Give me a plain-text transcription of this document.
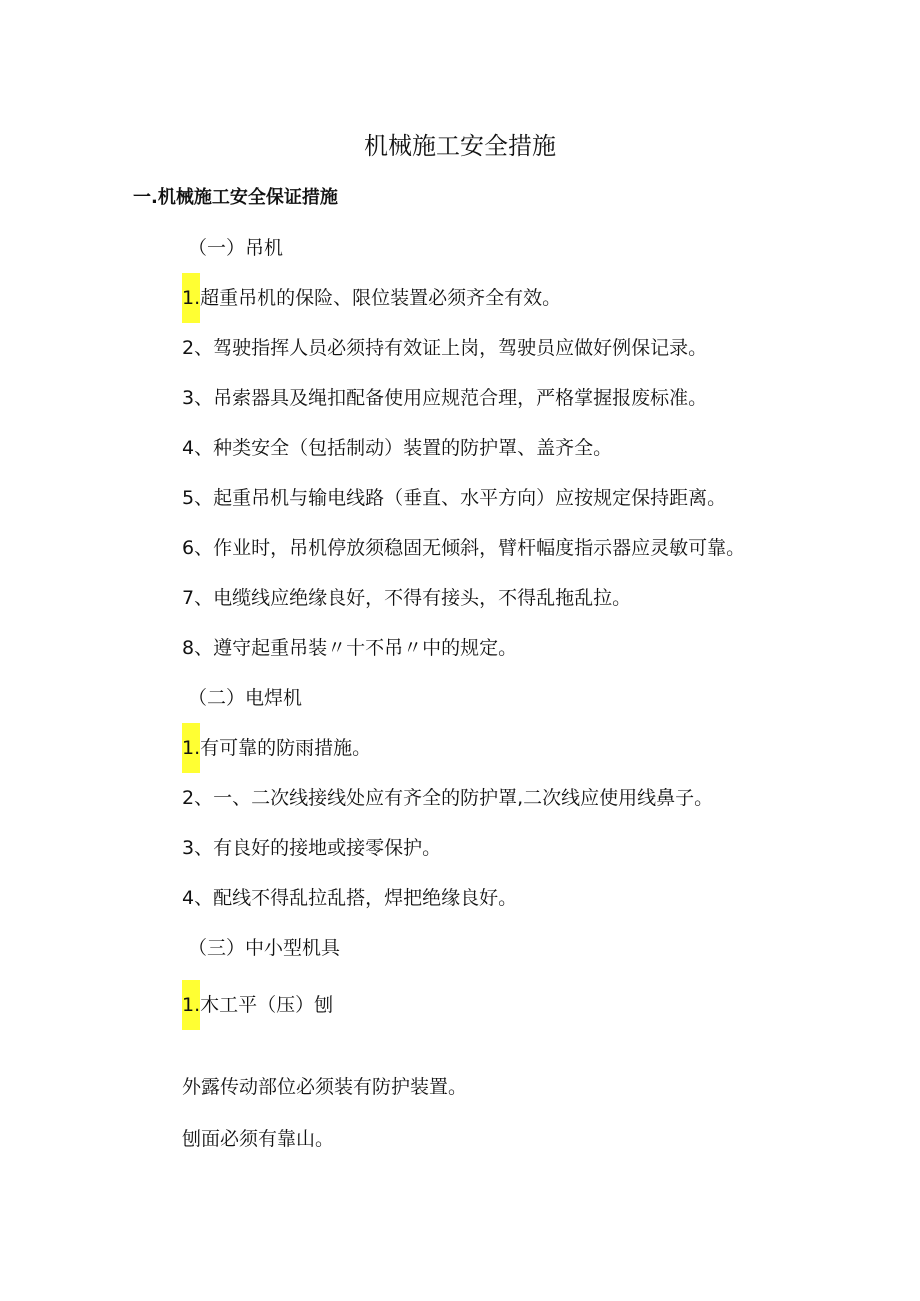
机械施工安全措施
一.机械施工安全保证措施
（一）吊机
1.超重吊机的保险、限位装置必须齐全有效。
2、驾驶指挥人员必须持有效证上岗，驾驶员应做好例保记录。
3、吊索器具及绳扣配备使用应规范合理，严格掌握报废标准。
4、种类安全（包括制动）装置的防护罩、盖齐全。
5、起重吊机与输电线路（垂直、水平方向）应按规定保持距离。
6、作业时，吊机停放须稳固无倾斜，臂杆幅度指示器应灵敏可靠。
7、电缆线应绝缘良好，不得有接头，不得乱拖乱拉。
8、遵守起重吊装〃十不吊〃中的规定。
（二）电焊机
1.有可靠的防雨措施。
2、一、二次线接线处应有齐全的防护罩,二次线应使用线鼻子。
3、有良好的接地或接零保护。
4、配线不得乱拉乱搭，焊把绝缘良好。
（三）中小型机具
1.木工平（压）刨
外露传动部位必须装有防护装置。
刨面必须有靠山。
